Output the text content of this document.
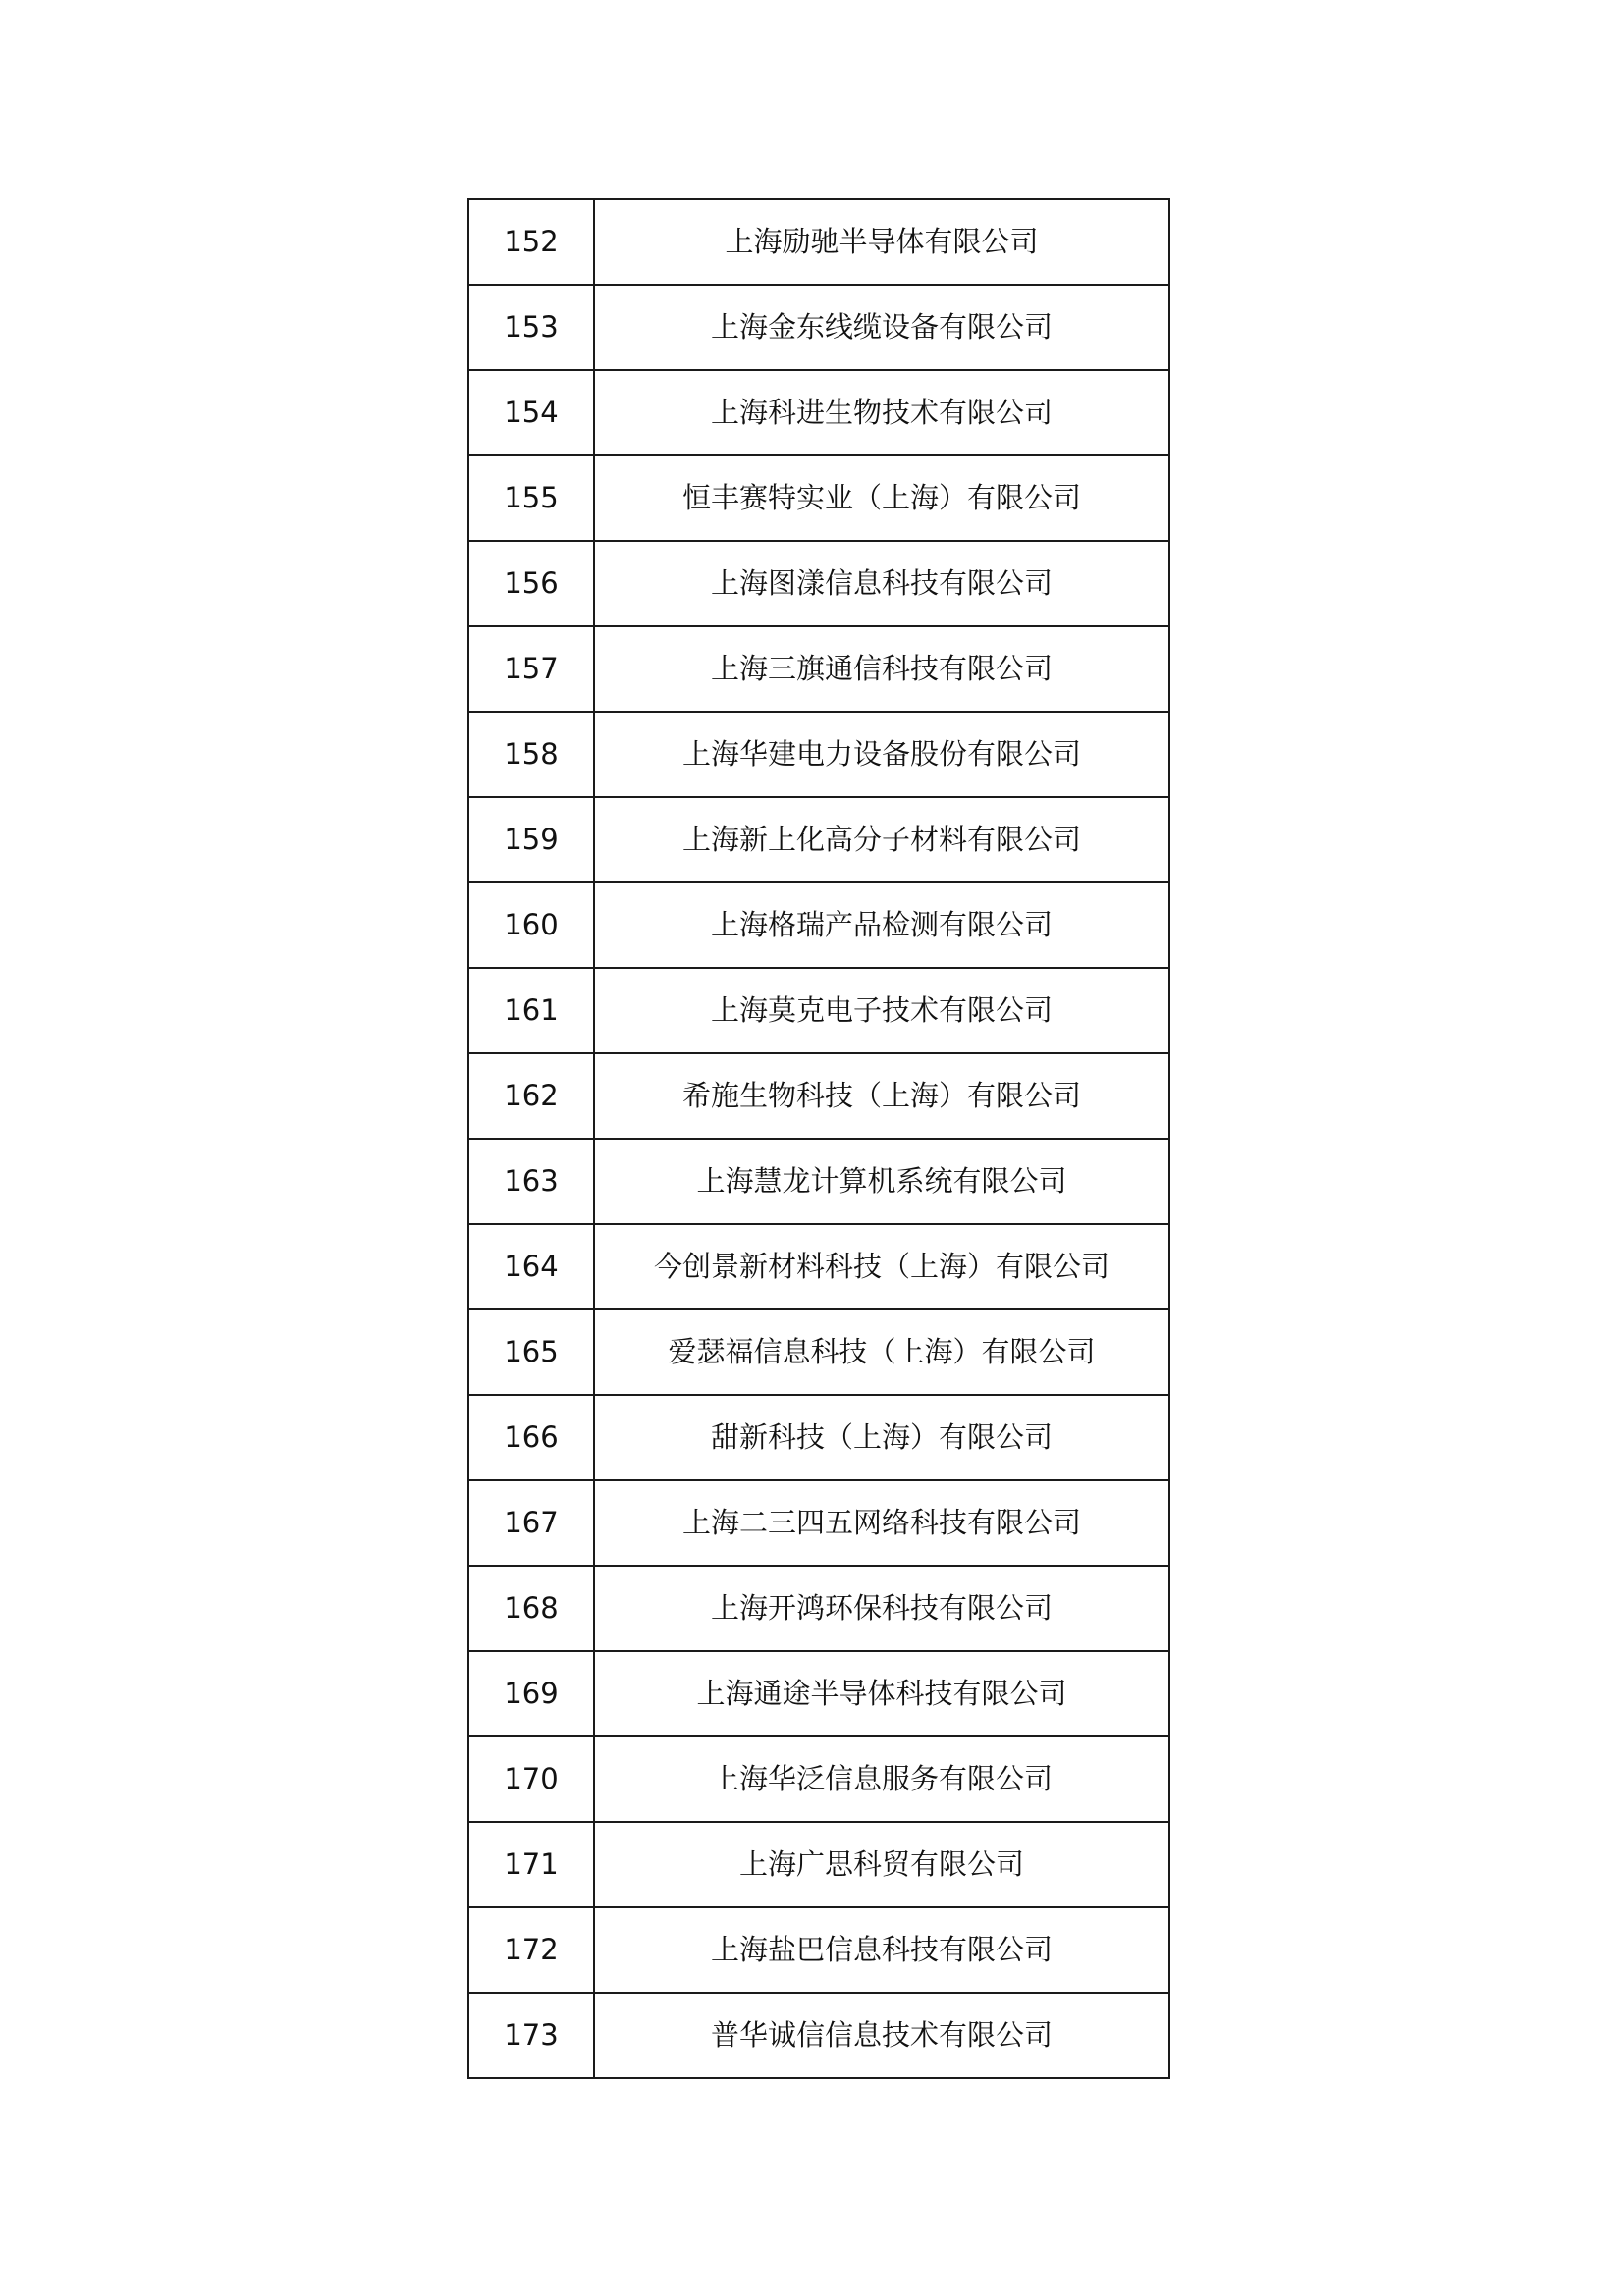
152	上海励驰半导体有限公司
153	上海金东线缆设备有限公司
154	上海科进生物技术有限公司
155	恒丰赛特实业（上海）有限公司
156	上海图漾信息科技有限公司
157	上海三旗通信科技有限公司
158	上海华建电力设备股份有限公司
159	上海新上化高分子材料有限公司
160	上海格瑞产品检测有限公司
161	上海莫克电子技术有限公司
162	希施生物科技（上海）有限公司
163	上海慧龙计算机系统有限公司
164	今创景新材料科技（上海）有限公司
165	爱瑟福信息科技（上海）有限公司
166	甜新科技（上海）有限公司
167	上海二三四五网络科技有限公司
168	上海开鸿环保科技有限公司
169	上海通途半导体科技有限公司
170	上海华泛信息服务有限公司
171	上海广思科贸有限公司
172	上海盐巴信息科技有限公司
173	普华诚信信息技术有限公司
